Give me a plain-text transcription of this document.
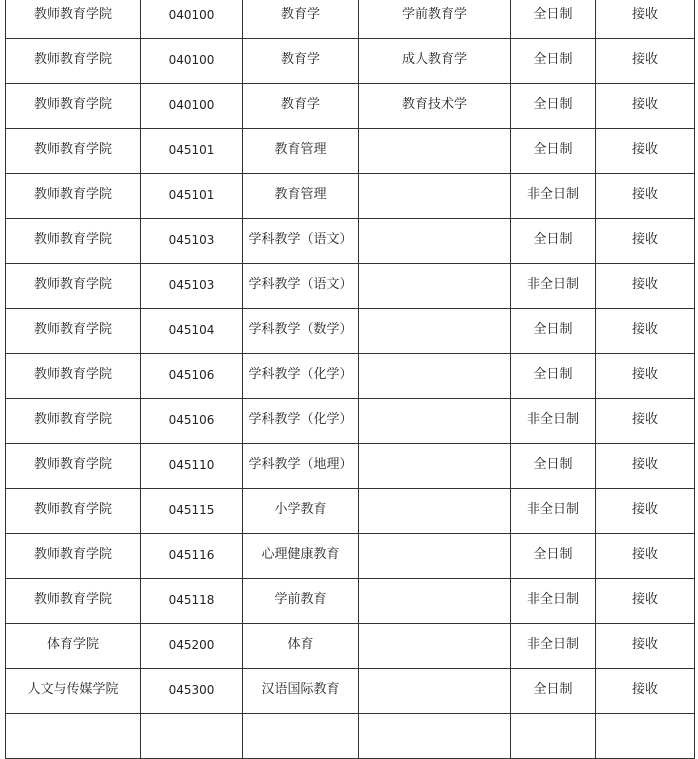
教师教育学院	040100	教育学	学前教育学	全日制	接收

教师教育学院	040100	教育学	成人教育学	全日制	接收

教师教育学院	040100	教育学	教育技术学	全日制	接收

教师教育学院	045101	教育管理		全日制	接收

教师教育学院	045101	教育管理		非全日制	接收

教师教育学院	045103	学科教学（语文）		全日制	接收

教师教育学院	045103	学科教学（语文）		非全日制	接收

教师教育学院	045104	学科教学（数学）		全日制	接收

教师教育学院	045106	学科教学（化学）		全日制	接收

教师教育学院	045106	学科教学（化学）		非全日制	接收

教师教育学院	045110	学科教学（地理）		全日制	接收

教师教育学院	045115	小学教育		非全日制	接收

教师教育学院	045116	心理健康教育		全日制	接收

教师教育学院	045118	学前教育		非全日制	接收

体育学院	045200	体育		非全日制	接收

人文与传媒学院	045300	汉语国际教育		全日制	接收
